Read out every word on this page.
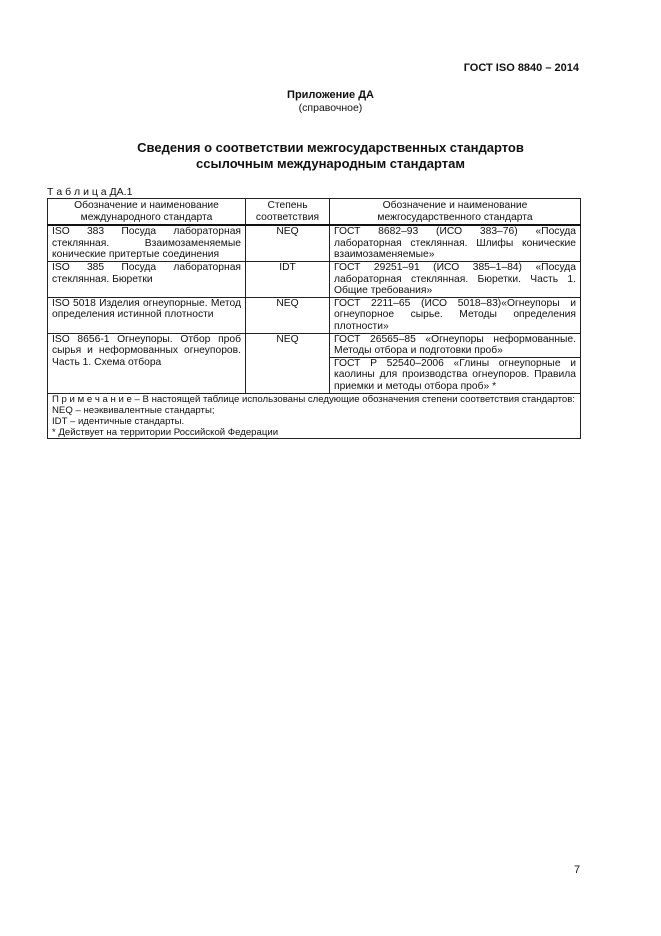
ГОСТ ISO 8840 – 2014
Приложение ДА
(справочное)
Сведения о соответствии межгосударственных стандартов
ссылочным международным стандартам
Т а б л и ц а ДА.1
Обозначение и наименование международного стандарта	Степень соответствия	Обозначение и наименование межгосударственного стандарта
ISO 383 Посуда лабораторная стеклянная. Взаимозаменяемые конические притертые соединения	NEQ	ГОСТ 8682–93 (ИСО 383–76) «Посуда лабораторная стеклянная. Шлифы конические взаимозаменяемые»
ISO 385 Посуда лабораторная стеклянная. Бюретки	IDT	ГОСТ 29251–91 (ИСО 385–1–84) «Посуда лабораторная стеклянная. Бюретки. Часть 1. Общие требования»
ISO 5018 Изделия огнеупорные. Метод определения истинной плотности	NEQ	ГОСТ 2211–65 (ИСО 5018–83)«Огнеупоры и огнеупорное сырье. Методы определения плотности»
ISO 8656-1 Огнеупоры. Отбор проб сырья и неформованных огнеупоров. Часть 1. Схема отбора	NEQ	ГОСТ 26565–85 «Огнеупоры неформованные. Методы отбора и подготовки проб»
		ГОСТ Р 52540–2006 «Глины огнеупорные и каолины для производства огнеупоров. Правила приемки и методы отбора проб» *

П р и м е ч а н и е – В настоящей таблице использованы следующие обозначения степени соответствия стандартов:
NEQ – неэквивалентные стандарты;
IDT – идентичные стандарты.
* Действует на территории Российской Федерации		
7
